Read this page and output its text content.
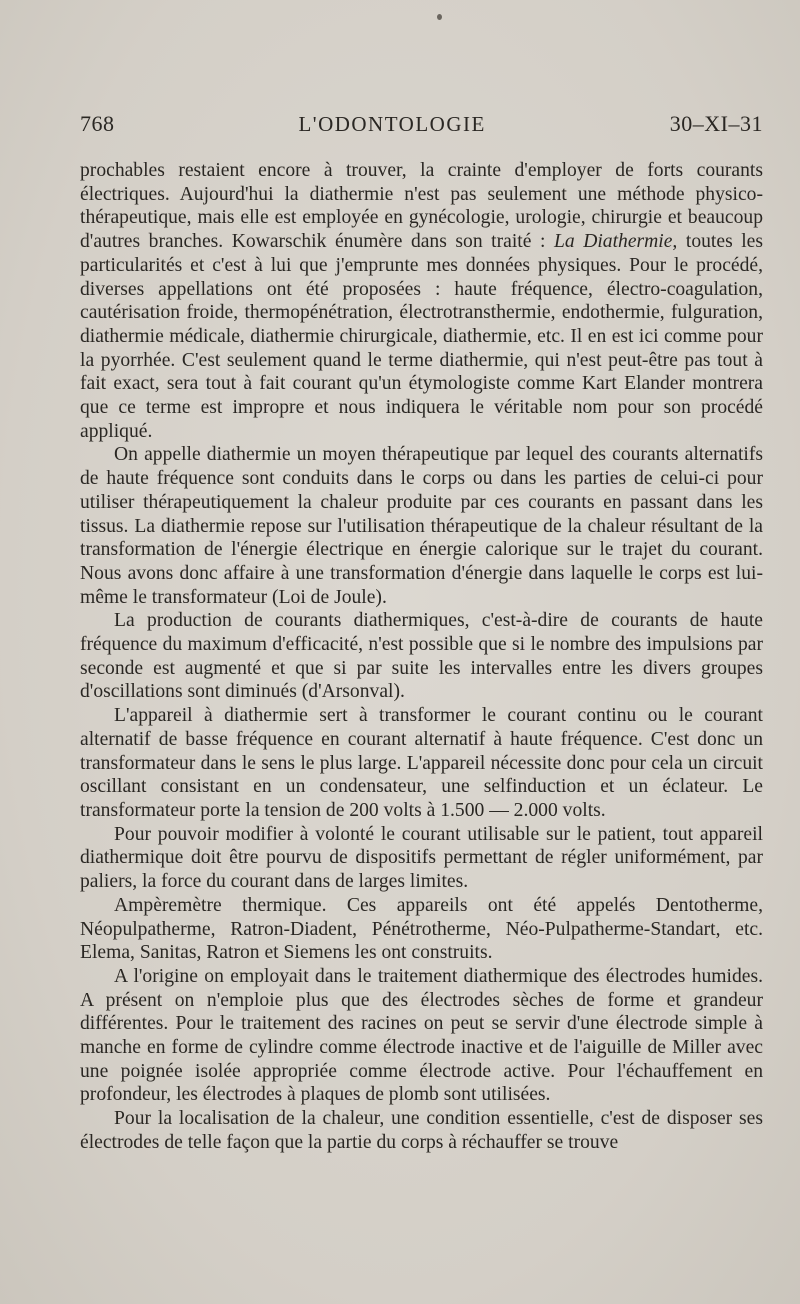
768	L'ODONTOLOGIE	30–XI–31

prochables restaient encore à trouver, la crainte d'employer de forts courants électriques. Aujourd'hui la diathermie n'est pas seulement une méthode physico-thérapeutique, mais elle est employée en gynécologie, urologie, chirurgie et beaucoup d'autres branches. Kowarschik énumère dans son traité : La Diathermie, toutes les particularités et c'est à lui que j'emprunte mes données physiques. Pour le procédé, diverses appellations ont été proposées : haute fréquence, électro-coagulation, cautérisation froide, thermopénétration, électrotransthermie, endothermie, fulguration, diathermie médicale, diathermie chirurgicale, diathermie, etc. Il en est ici comme pour la pyorrhée. C'est seulement quand le terme diathermie, qui n'est peut-être pas tout à fait exact, sera tout à fait courant qu'un étymologiste comme Kart Elander montrera que ce terme est impropre et nous indiquera le véritable nom pour son procédé appliqué.

On appelle diathermie un moyen thérapeutique par lequel des courants alternatifs de haute fréquence sont conduits dans le corps ou dans les parties de celui-ci pour utiliser thérapeutiquement la chaleur produite par ces courants en passant dans les tissus. La diathermie repose sur l'utilisation thérapeutique de la chaleur résultant de la transformation de l'énergie électrique en énergie calorique sur le trajet du courant. Nous avons donc affaire à une transformation d'énergie dans laquelle le corps est lui-même le transformateur (Loi de Joule).

La production de courants diathermiques, c'est-à-dire de courants de haute fréquence du maximum d'efficacité, n'est possible que si le nombre des impulsions par seconde est augmenté et que si par suite les intervalles entre les divers groupes d'oscillations sont diminués (d'Arsonval).

L'appareil à diathermie sert à transformer le courant continu ou le courant alternatif de basse fréquence en courant alternatif à haute fréquence. C'est donc un transformateur dans le sens le plus large. L'appareil nécessite donc pour cela un circuit oscillant consistant en un condensateur, une selfinduction et un éclateur. Le transformateur porte la tension de 200 volts à 1.500 — 2.000 volts.

Pour pouvoir modifier à volonté le courant utilisable sur le patient, tout appareil diathermique doit être pourvu de dispositifs permettant de régler uniformément, par paliers, la force du courant dans de larges limites.

Ampèremètre thermique. Ces appareils ont été appelés Dentotherme, Néopulpatherme, Ratron-Diadent, Pénétrotherme, Néo-Pulpatherme-Standart, etc. Elema, Sanitas, Ratron et Siemens les ont construits.

A l'origine on employait dans le traitement diathermique des électrodes humides. A présent on n'emploie plus que des électrodes sèches de forme et grandeur différentes. Pour le traitement des racines on peut se servir d'une électrode simple à manche en forme de cylindre comme électrode inactive et de l'aiguille de Miller avec une poignée isolée appropriée comme électrode active. Pour l'échauffement en profondeur, les électrodes à plaques de plomb sont utilisées.

Pour la localisation de la chaleur, une condition essentielle, c'est de disposer ses électrodes de telle façon que la partie du corps à réchauffer se trouve
